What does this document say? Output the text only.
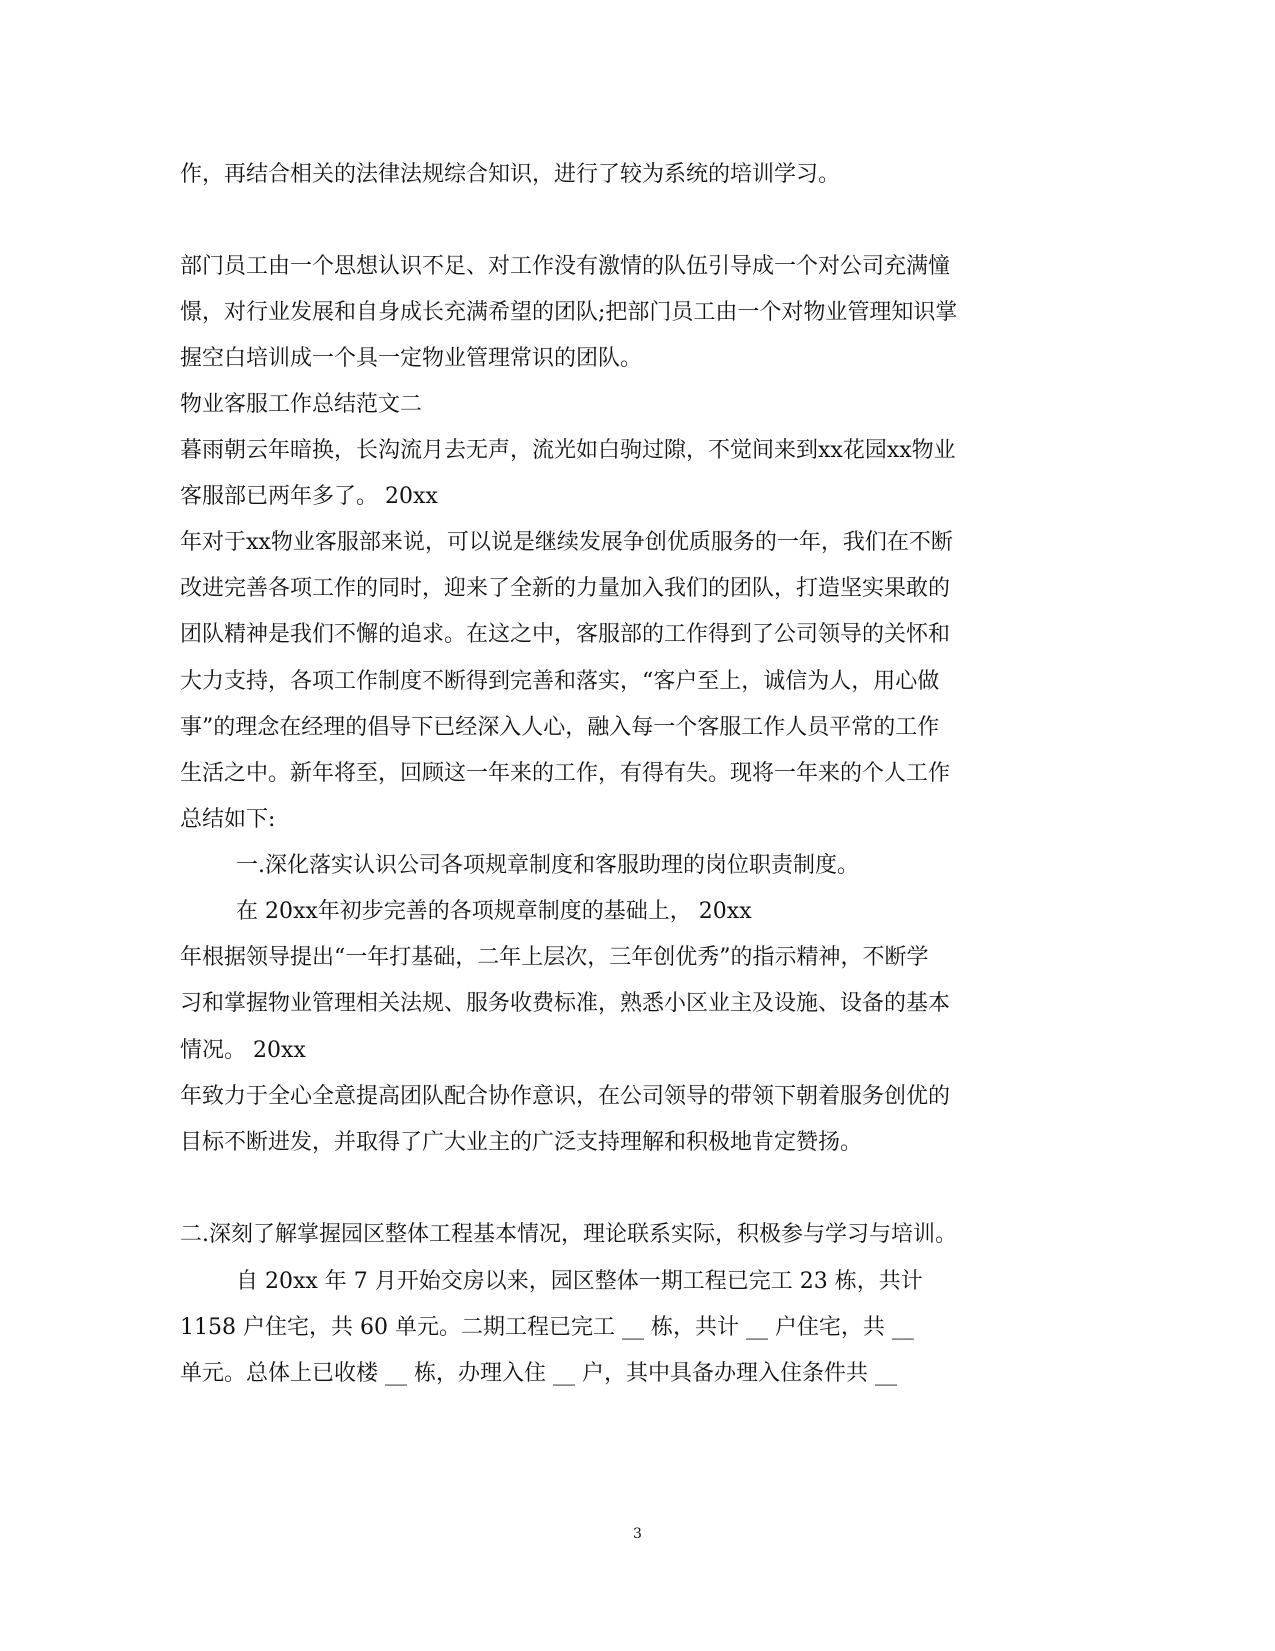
作，再结合相关的法律法规综合知识，进行了较为系统的培训学习。
部门员工由一个思想认识不足、对工作没有激情的队伍引导成一个对公司充满憧
憬，对行业发展和自身成长充满希望的团队;把部门员工由一个对物业管理知识掌
握空白培训成一个具一定物业管理常识的团队。
物业客服工作总结范文二
暮雨朝云年暗换，长沟流月去无声，流光如白驹过隙，不觉间来到xx花园xx物业
客服部已两年多了。 20xx
年对于xx物业客服部来说，可以说是继续发展争创优质服务的一年，我们在不断
改进完善各项工作的同时，迎来了全新的力量加入我们的团队，打造坚实果敢的
团队精神是我们不懈的追求。在这之中，客服部的工作得到了公司领导的关怀和
大力支持，各项工作制度不断得到完善和落实，“客户至上，诚信为人，用心做
事”的理念在经理的倡导下已经深入人心，融入每一个客服工作人员平常的工作
生活之中。新年将至，回顾这一年来的工作，有得有失。现将一年来的个人工作
总结如下:
一.深化落实认识公司各项规章制度和客服助理的岗位职责制度。
在 20xx年初步完善的各项规章制度的基础上， 20xx
年根据领导提出“一年打基础，二年上层次，三年创优秀”的指示精神，不断学
习和掌握物业管理相关法规、服务收费标准，熟悉小区业主及设施、设备的基本
情况。 20xx
年致力于全心全意提高团队配合协作意识，在公司领导的带领下朝着服务创优的
目标不断进发，并取得了广大业主的广泛支持理解和积极地肯定赞扬。
二.深刻了解掌握园区整体工程基本情况，理论联系实际，积极参与学习与培训。
自 20xx 年 7 月开始交房以来，园区整体一期工程已完工 23 栋，共计
1158 户住宅，共 60 单元。二期工程已完工 __ 栋，共计 __ 户住宅，共 __
单元。总体上已收楼 __ 栋，办理入住 __ 户，其中具备办理入住条件共 __
3
